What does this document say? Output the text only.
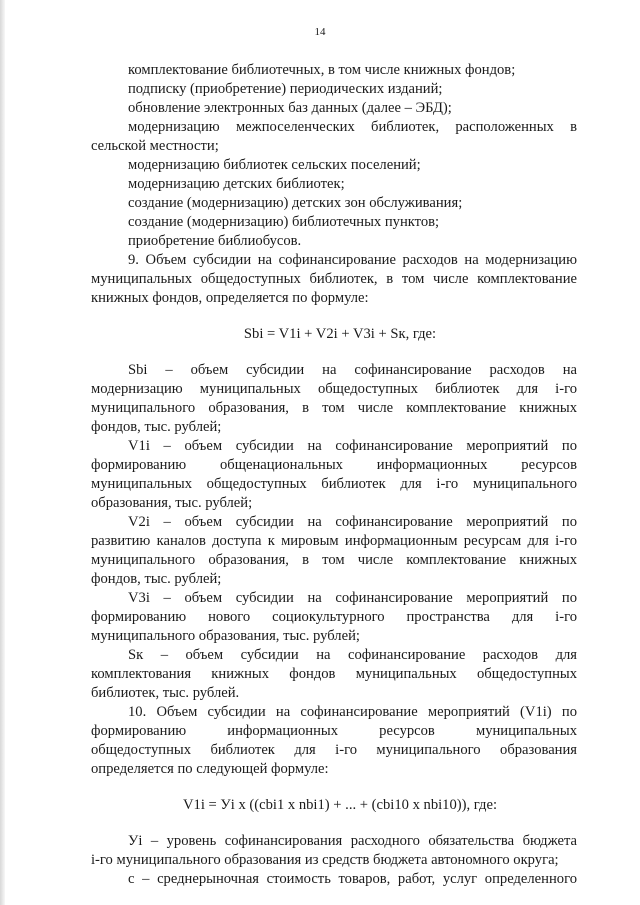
14

комплектование библиотечных, в том числе книжных фондов;

подписку (приобретение) периодических изданий;

обновление электронных баз данных (далее – ЭБД);

модернизацию межпоселенческих библиотек, расположенных в

сельской местности;

модернизацию библиотек сельских поселений;

модернизацию детских библиотек;

создание (модернизацию) детских зон обслуживания;

создание (модернизацию) библиотечных пунктов;

приобретение библиобусов.

9. Объем субсидии на софинансирование расходов на модернизацию

муниципальных общедоступных библиотек, в том числе комплектование

книжных фондов, определяется по формуле:

Sbi = V1i + V2i + V3i + Sк, где:

Sbi – объем субсидии на софинансирование расходов на

модернизацию муниципальных общедоступных библиотек для i-го

муниципального образования, в том числе комплектование книжных

фондов, тыс. рублей;

V1i – объем субсидии на софинансирование мероприятий по

формированию общенациональных информационных ресурсов

муниципальных общедоступных библиотек для i-го муниципального

образования, тыс. рублей;

V2i – объем субсидии на софинансирование мероприятий по

развитию каналов доступа к мировым информационным ресурсам для i-го

муниципального образования, в том числе комплектование книжных

фондов, тыс. рублей;

V3i – объем субсидии на софинансирование мероприятий по

формированию нового социокультурного пространства для i-го

муниципального образования, тыс. рублей;

Sк – объем субсидии на софинансирование расходов для

комплектования книжных фондов муниципальных общедоступных

библиотек, тыс. рублей.

10. Объем субсидии на софинансирование мероприятий (V1i) по

формированию информационных ресурсов муниципальных

общедоступных библиотек для i-го муниципального образования

определяется по следующей формуле:

V1i = Уi x ((cbi1 x nbi1) + ... + (cbi10 x nbi10)), где:

Уi – уровень софинансирования расходного обязательства бюджета

i-го муниципального образования из средств бюджета автономного округа;

с – среднерыночная стоимость товаров, работ, услуг определенного
